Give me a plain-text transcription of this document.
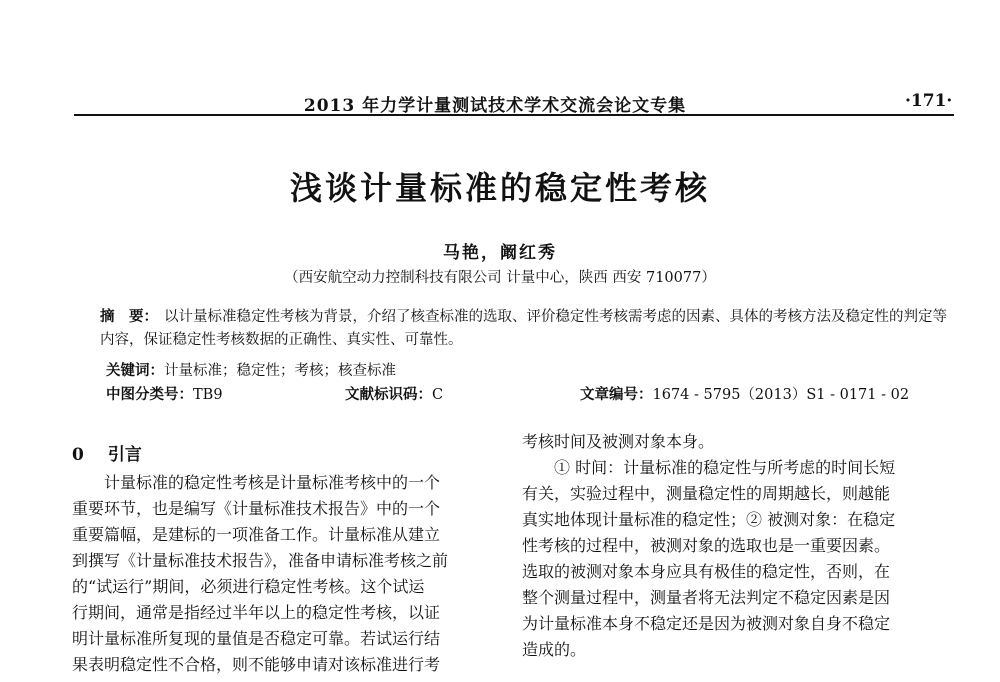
2013 年力学计量测试技术学术交流会论文专集	·171·
浅谈计量标准的稳定性考核
马艳，阚红秀
（西安航空动力控制科技有限公司 计量中心，陕西 西安 710077）
摘　要： 以计量标准稳定性考核为背景，介绍了核查标准的选取、评价稳定性考核需考虑的因素、具体的考核方法及稳定性的判定等内容，保证稳定性考核数据的正确性、真实性、可靠性。
关键词：计量标准；稳定性；考核；核查标准
中图分类号：TB9	文献标识码：C	文章编号：1674 - 5795（2013）S1 - 0171 - 02
0 引言
　　计量标准的稳定性考核是计量标准考核中的一个
重要环节，也是编写《计量标准技术报告》中的一个
重要篇幅，是建标的一项准备工作。计量标准从建立
到撰写《计量标准技术报告》，准备申请标准考核之前
的“试运行”期间，必须进行稳定性考核。这个试运
行期间，通常是指经过半年以上的稳定性考核，以证
明计量标准所复现的量值是否稳定可靠。若试运行结
果表明稳定性不合格，则不能够申请对该标准进行考
考核时间及被测对象本身。
　　① 时间：计量标准的稳定性与所考虑的时间长短
有关，实验过程中，测量稳定性的周期越长，则越能
真实地体现计量标准的稳定性；② 被测对象：在稳定
性考核的过程中，被测对象的选取也是一重要因素。
选取的被测对象本身应具有极佳的稳定性，否则，在
整个测量过程中，测量者将无法判定不稳定因素是因
为计量标准本身不稳定还是因为被测对象自身不稳定
造成的。
